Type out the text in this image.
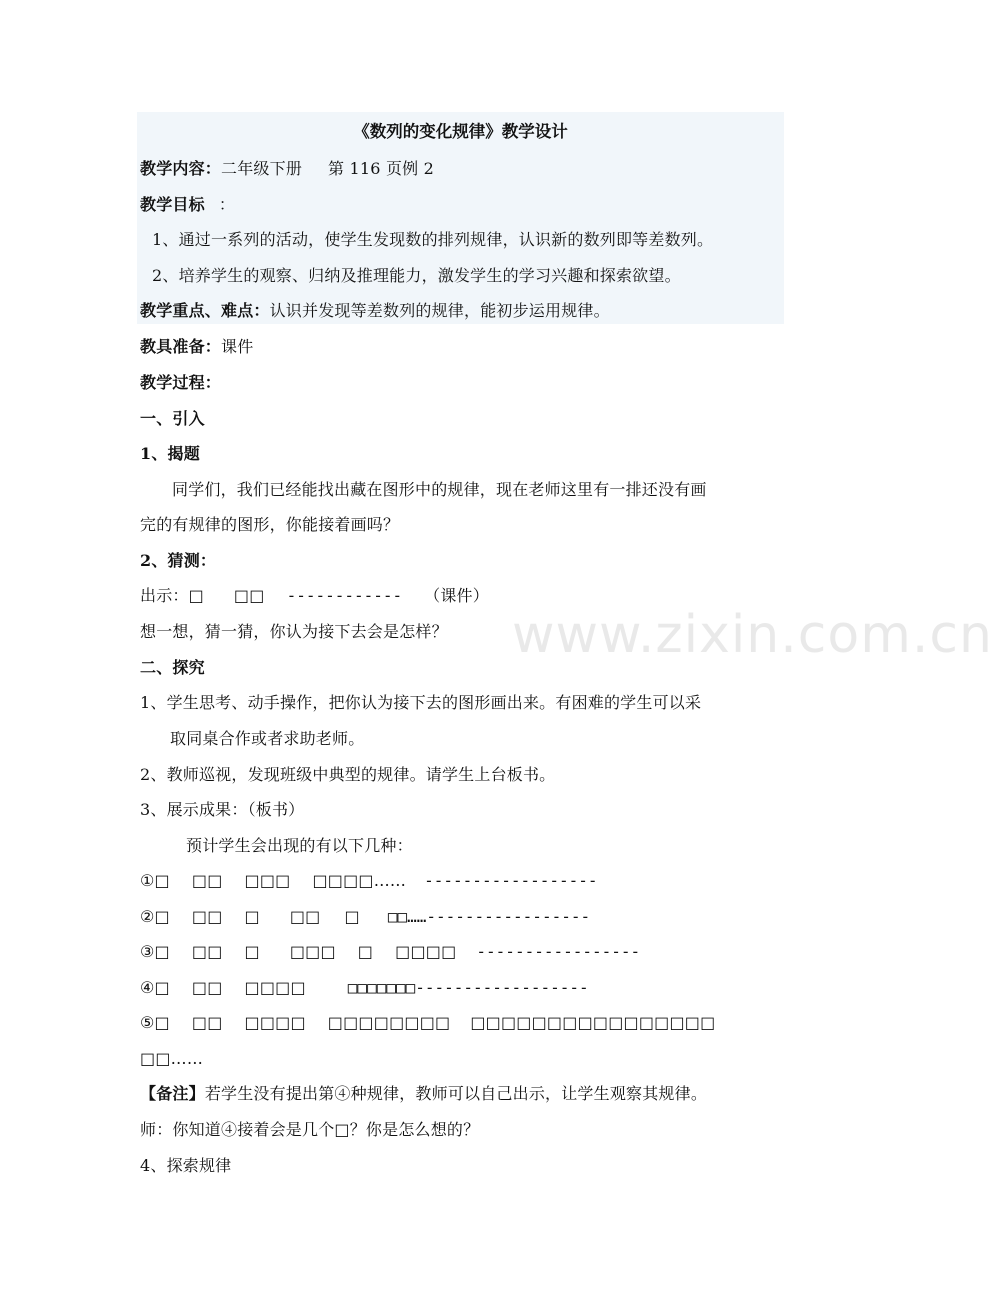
《数列的变化规律》教学设计
教学内容：二年级下册 第 116 页例 2
教学目标 ：
1、通过一系列的活动，使学生发现数的排列规律，认识新的数列即等差数列。
2、培养学生的观察、归纳及推理能力，激发学生的学习兴趣和探索欲望。
教学重点、难点：认识并发现等差数列的规律，能初步运用规律。
教具准备：课件
教学过程：
一、引入
1、揭题
同学们，我们已经能找出藏在图形中的规律，现在老师这里有一排还没有画
完的有规律的图形，你能接着画吗？
2、猜测：
出示：□ □□ ------------ （课件）
想一想，猜一猜，你认为接下去会是怎样？
二、探究
1、学生思考、动手操作，把你认为接下去的图形画出来。有困难的学生可以采
取同桌合作或者求助老师。
2、教师巡视，发现班级中典型的规律。请学生上台板书。
3、展示成果：（板书）
预计学生会出现的有以下几种：
①□ □□ □□□ □□□□…… ------------------
②□ □□ □ □□ □ □□……-----------------
③□ □□ □ □□□ □ □□□□ -----------------
④□ □□ □□□□	□□□□□□□------------------
⑤□ □□ □□□□ □□□□□□□□ □□□□□□□□□□□□□□□□
□□……
【备注】若学生没有提出第④种规律，教师可以自己出示，让学生观察其规律。
师：你知道④接着会是几个□？你是怎么想的？
4、探索规律
www.zixin.com.cn
